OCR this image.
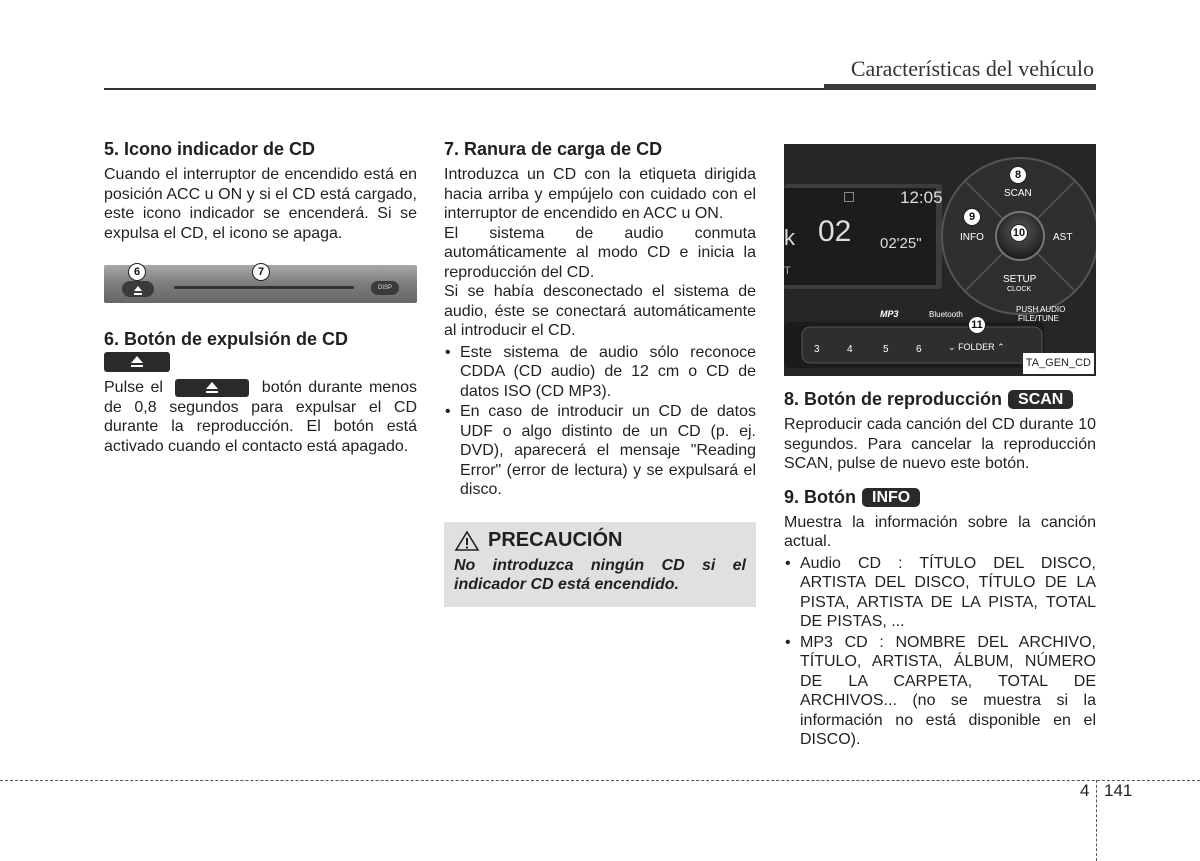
Características del vehículo
5. Icono indicador de CD

Cuando el interruptor de encendido está en posición ACC u ON y si el CD está cargado, este icono indicador se encenderá. Si se expulsa el CD, el icono se apaga.

DISP
6	7
6. Botón de expulsión de CD

Pulse el	botón durante menos de 0,8 segundos para expulsar el CD durante la reproducción. El botón está activado cuando el contacto está apagado.

7. Ranura de carga de CD

Introduzca un CD con la etiqueta dirigida hacia arriba y empújelo con cuidado con el interruptor de encendido en ACC u ON.

El sistema de audio conmuta automáticamente al modo CD e inicia la reproducción del CD.

Si se había desconectado el sistema de audio, éste se conectará automáticamente al introducir el CD.

• Este sistema de audio sólo reconoce CDDA (CD audio) de 12 cm o CD de datos ISO (CD MP3).
• En caso de introducir un CD de datos UDF o algo distinto de un CD (p. ej. DVD), aparecerá el mensaje "Reading Error" (error de lectura) y se expulsará el disco.
PRECAUCIÓN
No introduzca ningún CD si el indicador CD está encendido.
12:05
k 02 02'25"
T
SCAN
INFO	AST
SETUP
CLOCK
MP3	Bluetooth
PUSH AUDIO
FILE/TUNE
3	4	5	6	⌄ FOLDER ⌃
8
9
10
11
TA_GEN_CD
8. Botón de reproducción SCAN

Reproducir cada canción del CD durante 10 segundos. Para cancelar la reproducción SCAN, pulse de nuevo este botón.

9. Botón INFO

Muestra la información sobre la canción actual.

• Audio CD : TÍTULO DEL DISCO, ARTISTA DEL DISCO, TÍTULO DE LA PISTA, ARTISTA DE LA PISTA, TOTAL DE PISTAS, ...
• MP3 CD : NOMBRE DEL ARCHIVO, TÍTULO, ARTISTA, ÁLBUM, NÚMERO DE LA CARPETA, TOTAL DE ARCHIVOS... (no se muestra si la información no está disponible en el DISCO).
4 141
